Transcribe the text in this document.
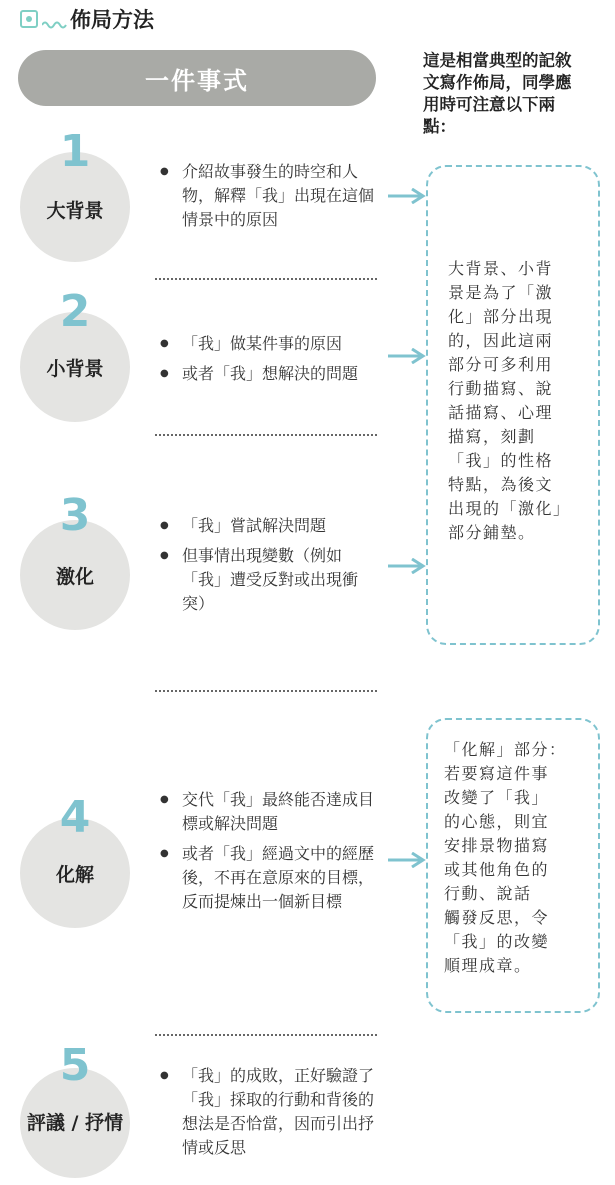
佈局方法
一件事式
這是相當典型的記敘
文寫作佈局，同學應
用時可注意以下兩
點：
1
大背景
● 介紹故事發生的時空和人物，解釋「我」出現在這個情景中的原因
2
小背景
● 「我」做某件事的原因
● 或者「我」想解決的問題
3
激化
● 「我」嘗試解決問題
● 但事情出現變數（例如「我」遭受反對或出現衝突）
4
化解
● 交代「我」最終能否達成目標或解決問題
● 或者「我」經過文中的經歷後，不再在意原來的目標，反而提煉出一個新目標
5
評議 / 抒情
● 「我」的成敗，正好驗證了「我」採取的行動和背後的想法是否恰當，因而引出抒情或反思
大背景、小背
景是為了「激
化」部分出現
的，因此這兩
部分可多利用
行動描寫、說
話描寫、心理
描寫，刻劃
「我」的性格
特點，為後文
出現的「激化」
部分鋪墊。
「化解」部分：
若要寫這件事
改變了「我」
的心態，則宜
安排景物描寫
或其他角色的
行動、說話
觸發反思，令
「我」的改變
順理成章。
